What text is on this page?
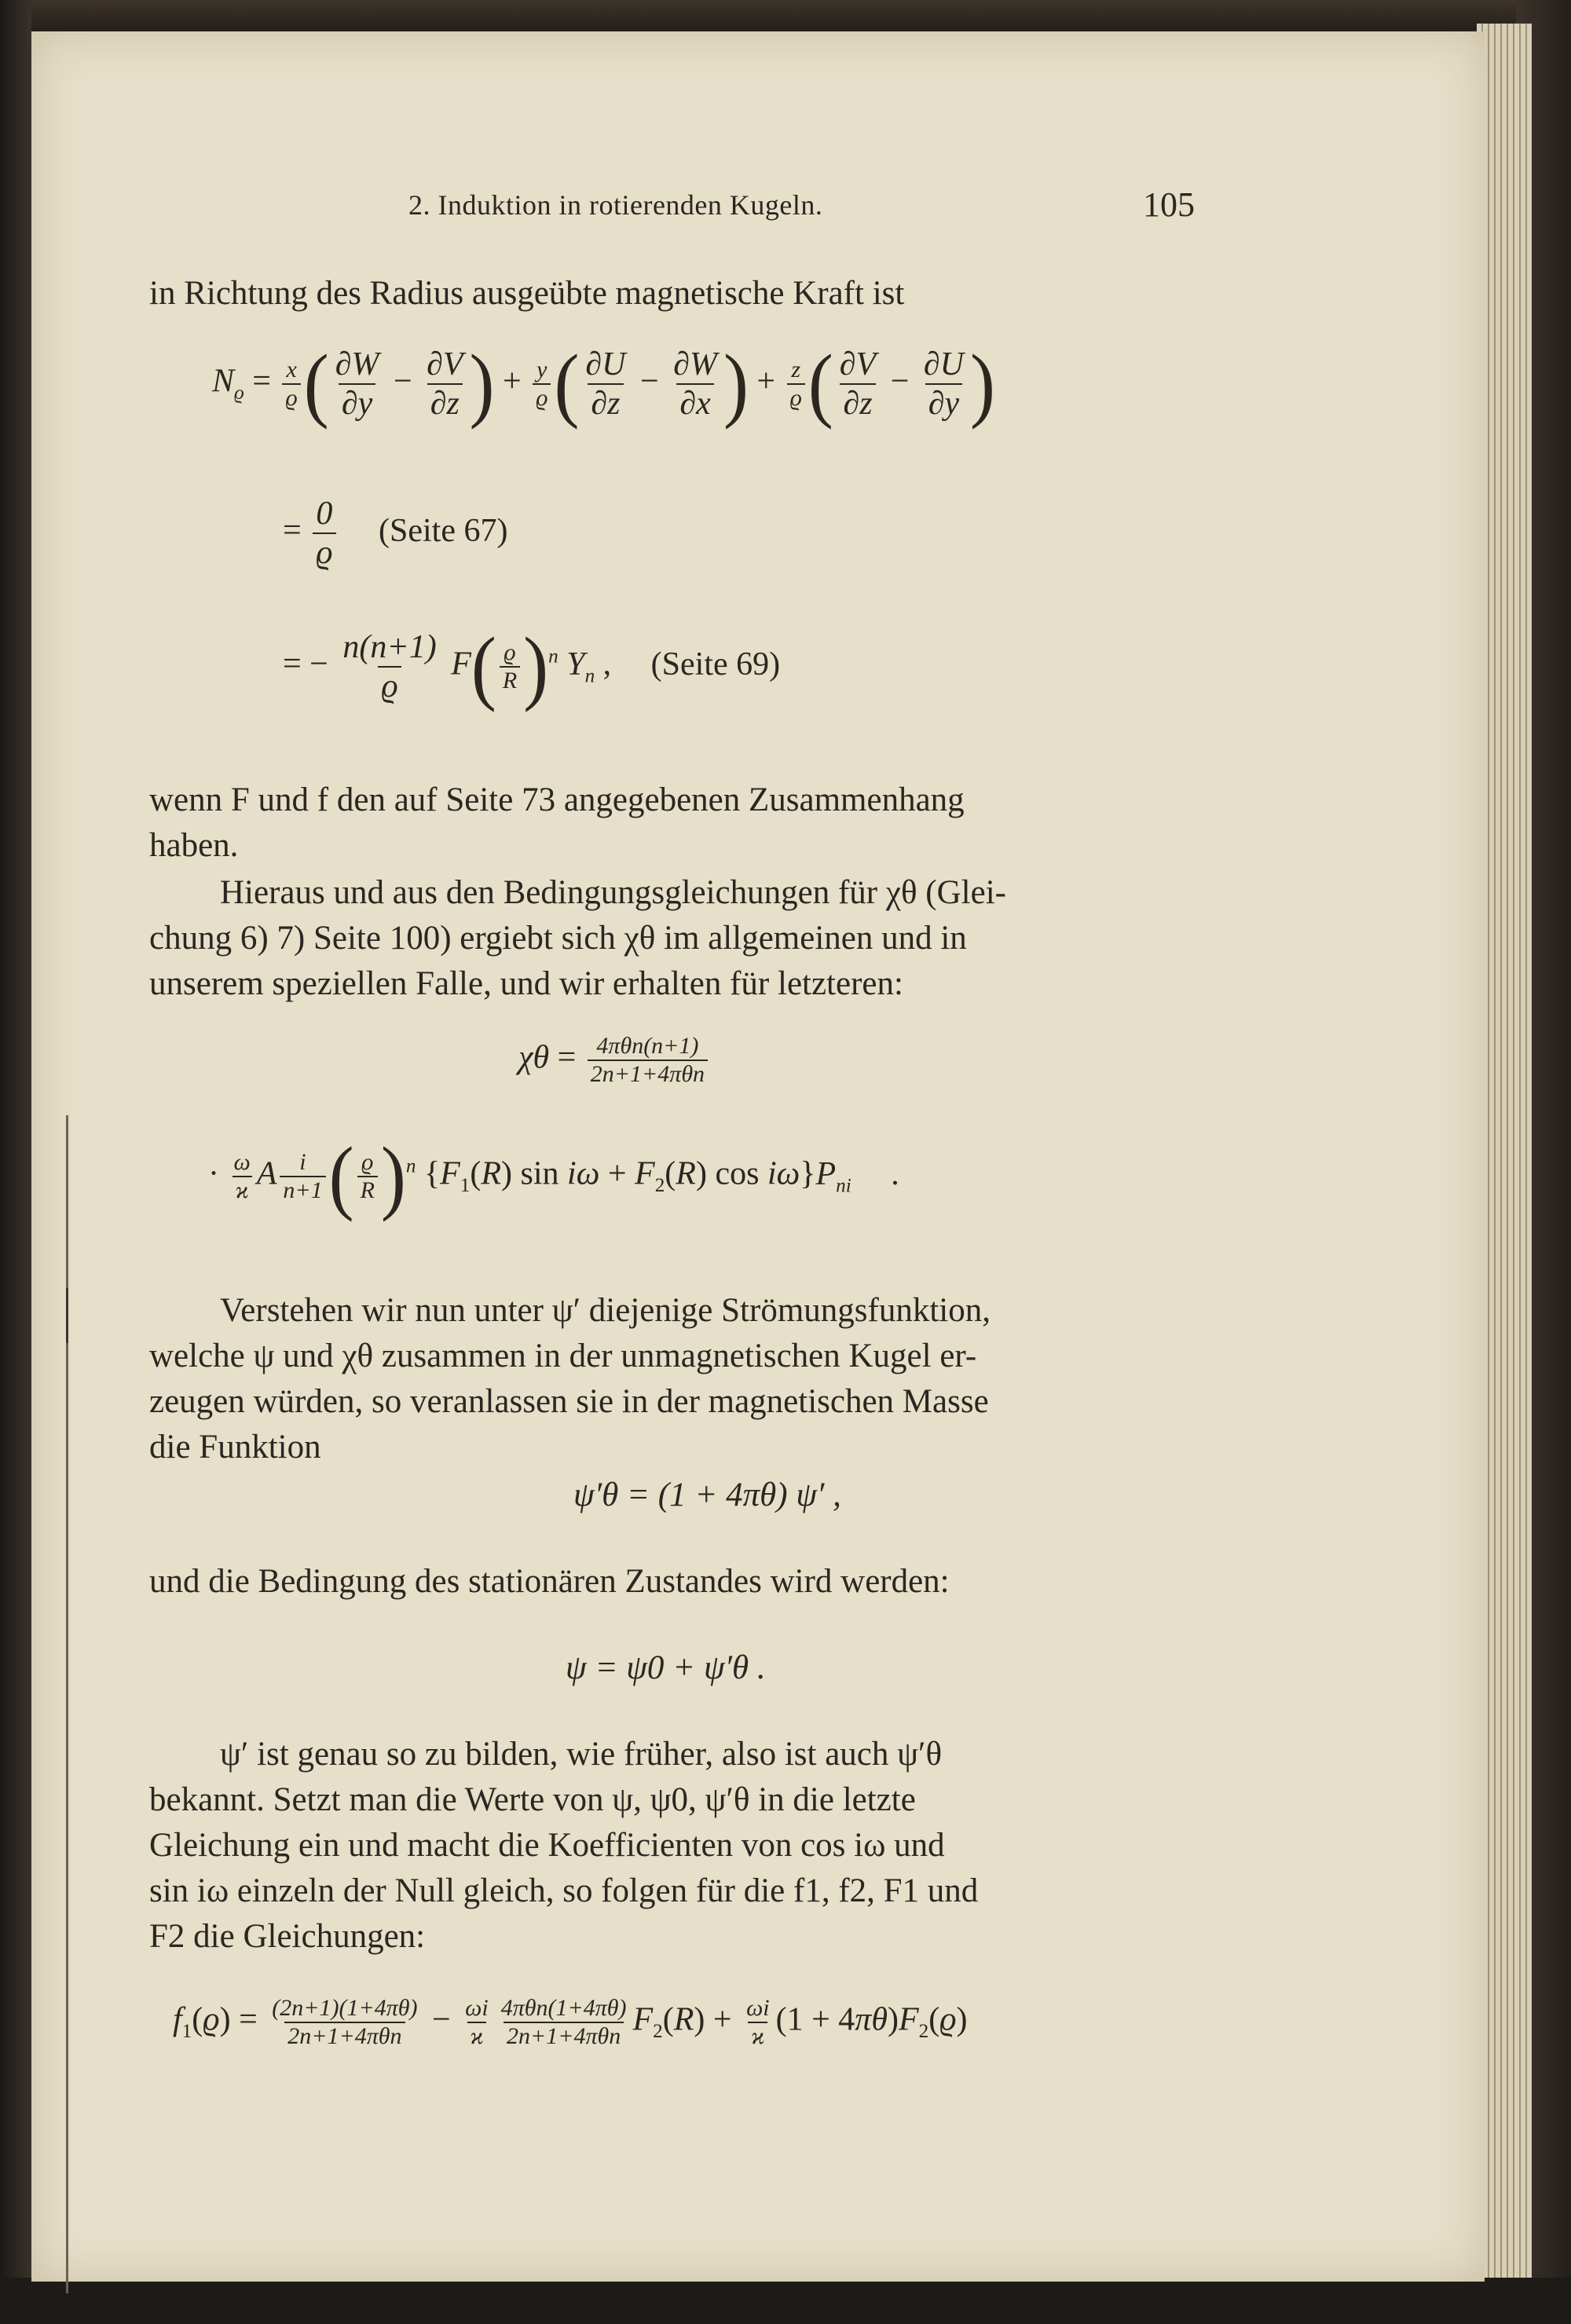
2. Induktion in rotierenden Kugeln.	105
in Richtung des Radius ausgeübte magnetische Kraft ist
$N_ϱ = \frac{x}{ϱ}$ ( $\frac{\partial W}{\partial y} - \frac{\partial V}{\partial z}$ ) + $\frac{y}{ϱ}$ ( $\frac{\partial U}{\partial z} - \frac{\partial W}{\partial x}$ ) + $\frac{z}{ϱ}$ ( $\frac{\partial V}{\partial z} - \frac{\partial U}{\partial y}$ )
= $\frac{0}{ϱ}$ (Seite 67)
= − $\frac{n(n+1)}{ϱ} F( \frac{ϱ}{R} )^n$ $Y_n$ , (Seite 69)
wenn F und f den auf Seite 73 angegebenen Zusammenhang
haben.
Hieraus und aus den Bedingungsgleichungen für χθ (Glei-
chung 6) 7) Seite 100) ergiebt sich χθ im allgemeinen und in
unserem speziellen Falle, und wir erhalten für letzteren:
$\chi\theta = \frac{\text{4πθn(n+1)}}{\text{2n+1+4πθn}}$
· $\frac{\omega}{ϰ}$ A $\frac{i}{n+1}$ ( $\frac{ϱ}{R} )^n$ {$F_1(R)$ $\sin i\omega + F_2(R)$ $\cos i\omega\}P_{ni}$ .
Verstehen wir nun unter ψ′ diejenige Strömungsfunktion,
welche ψ und χθ zusammen in der unmagnetischen Kugel er-
zeugen würden, so veranlassen sie in der magnetischen Masse
die Funktion
ψ′θ = (1 + 4πθ) ψ′ ,
und die Bedingung des stationären Zustandes wird werden:
ψ = ψ0 + ψ′θ .
ψ′ ist genau so zu bilden, wie früher, also ist auch ψ′θ
bekannt. Setzt man die Werte von ψ, ψ0, ψ′θ in die letzte
Gleichung ein und macht die Koefficienten von cos iω und
sin iω einzeln der Null gleich, so folgen für die f1, f2, F1 und
F2 die Gleichungen:
$f_1(ϱ) = \frac{(2n+1)(1+4\pi\theta)}{\text{2n+1+4πθn}} - \frac{\omega i}{ϰ} \frac{\text{4πθn(1+4πθ)}}{\text{2n+1+4πθn}} F_2(R) + \frac{\omega i}{ϰ} (1 + 4\pi\theta)F_2(ϱ)$
